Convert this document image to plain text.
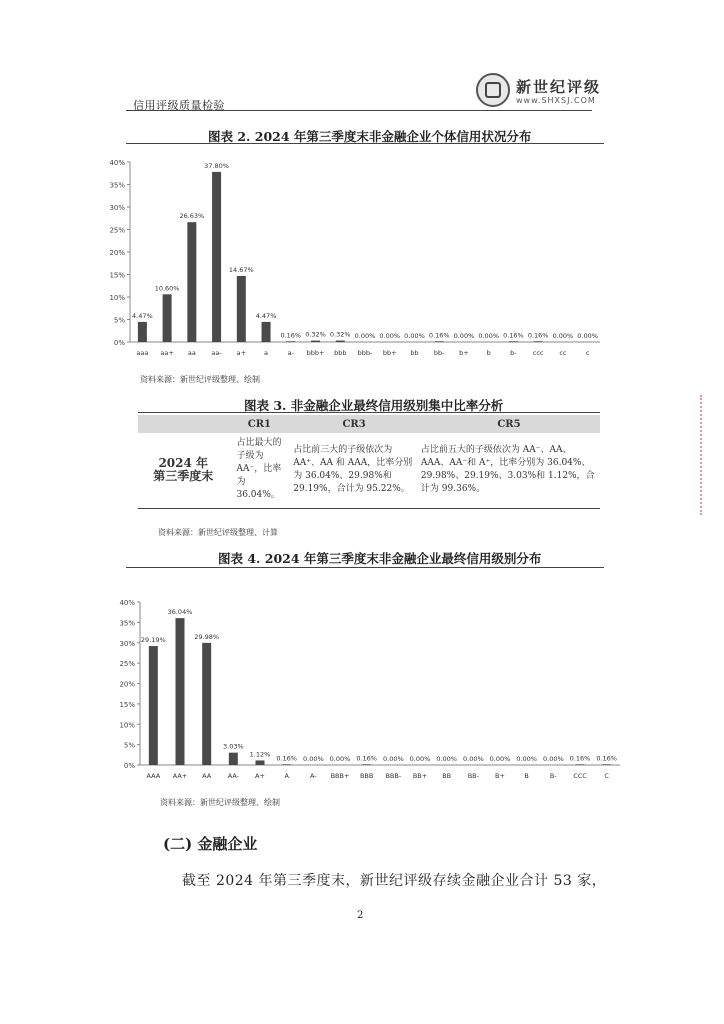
新世纪评级
www.SHXSJ.COM
信用评级质量检验
图表 2. 2024 年第三季度末非金融企业个体信用状况分布
0%
5%
10%
15%
20%
25%
30%
35%
40%
4.47%
aaa
10.60%
aa+
26.63%
aa
37.80%
aa-
14.67%
a+
4.47%
a
0.16%
a-
0.32%
bbb+
0.32%
bbb
0.00%
bbb-
0.00%
bb+
0.00%
bb
0.16%
bb-
0.00%
b+
0.00%
b
0.16%
b-
0.16%
ccc
0.00%
cc
0.00%
c
资料来源：新世纪评级整理、绘制
图表 3. 非金融企业最终信用级别集中比率分析
	CR1	CR3	CR5
2024 年
第三季度末	占比最大的子级为 AA⁻，比率为 36.04%。	占比前三大的子级依次为 AA⁺、AA 和 AAA，比率分别为 36.04%、29.98%和 29.19%，合计为 95.22%。	占比前五大的子级依次为 AA⁻、AA、AAA、AA⁻和 A⁺，比率分别为 36.04%、29.98%、29.19%、3.03%和 1.12%，合计为 99.36%。
资料来源：新世纪评级整理、计算
图表 4. 2024 年第三季度末非金融企业最终信用级别分布
0%
5%
10%
15%
20%
25%
30%
35%
40%
29.19%
AAA
36.04%
AA+
29.98%
AA
3.03%
AA-
1.12%
A+
0.16%
A
0.00%
A-
0.00%
BBB+
0.16%
BBB
0.00%
BBB-
0.00%
BB+
0.00%
BB
0.00%
BB-
0.00%
B+
0.00%
B
0.00%
B-
0.16%
CCC
0.16%
C
资料来源：新世纪评级整理、绘制
(二) 金融企业
截至 2024 年第三季度末，新世纪评级存续金融企业合计 53 家，
2
